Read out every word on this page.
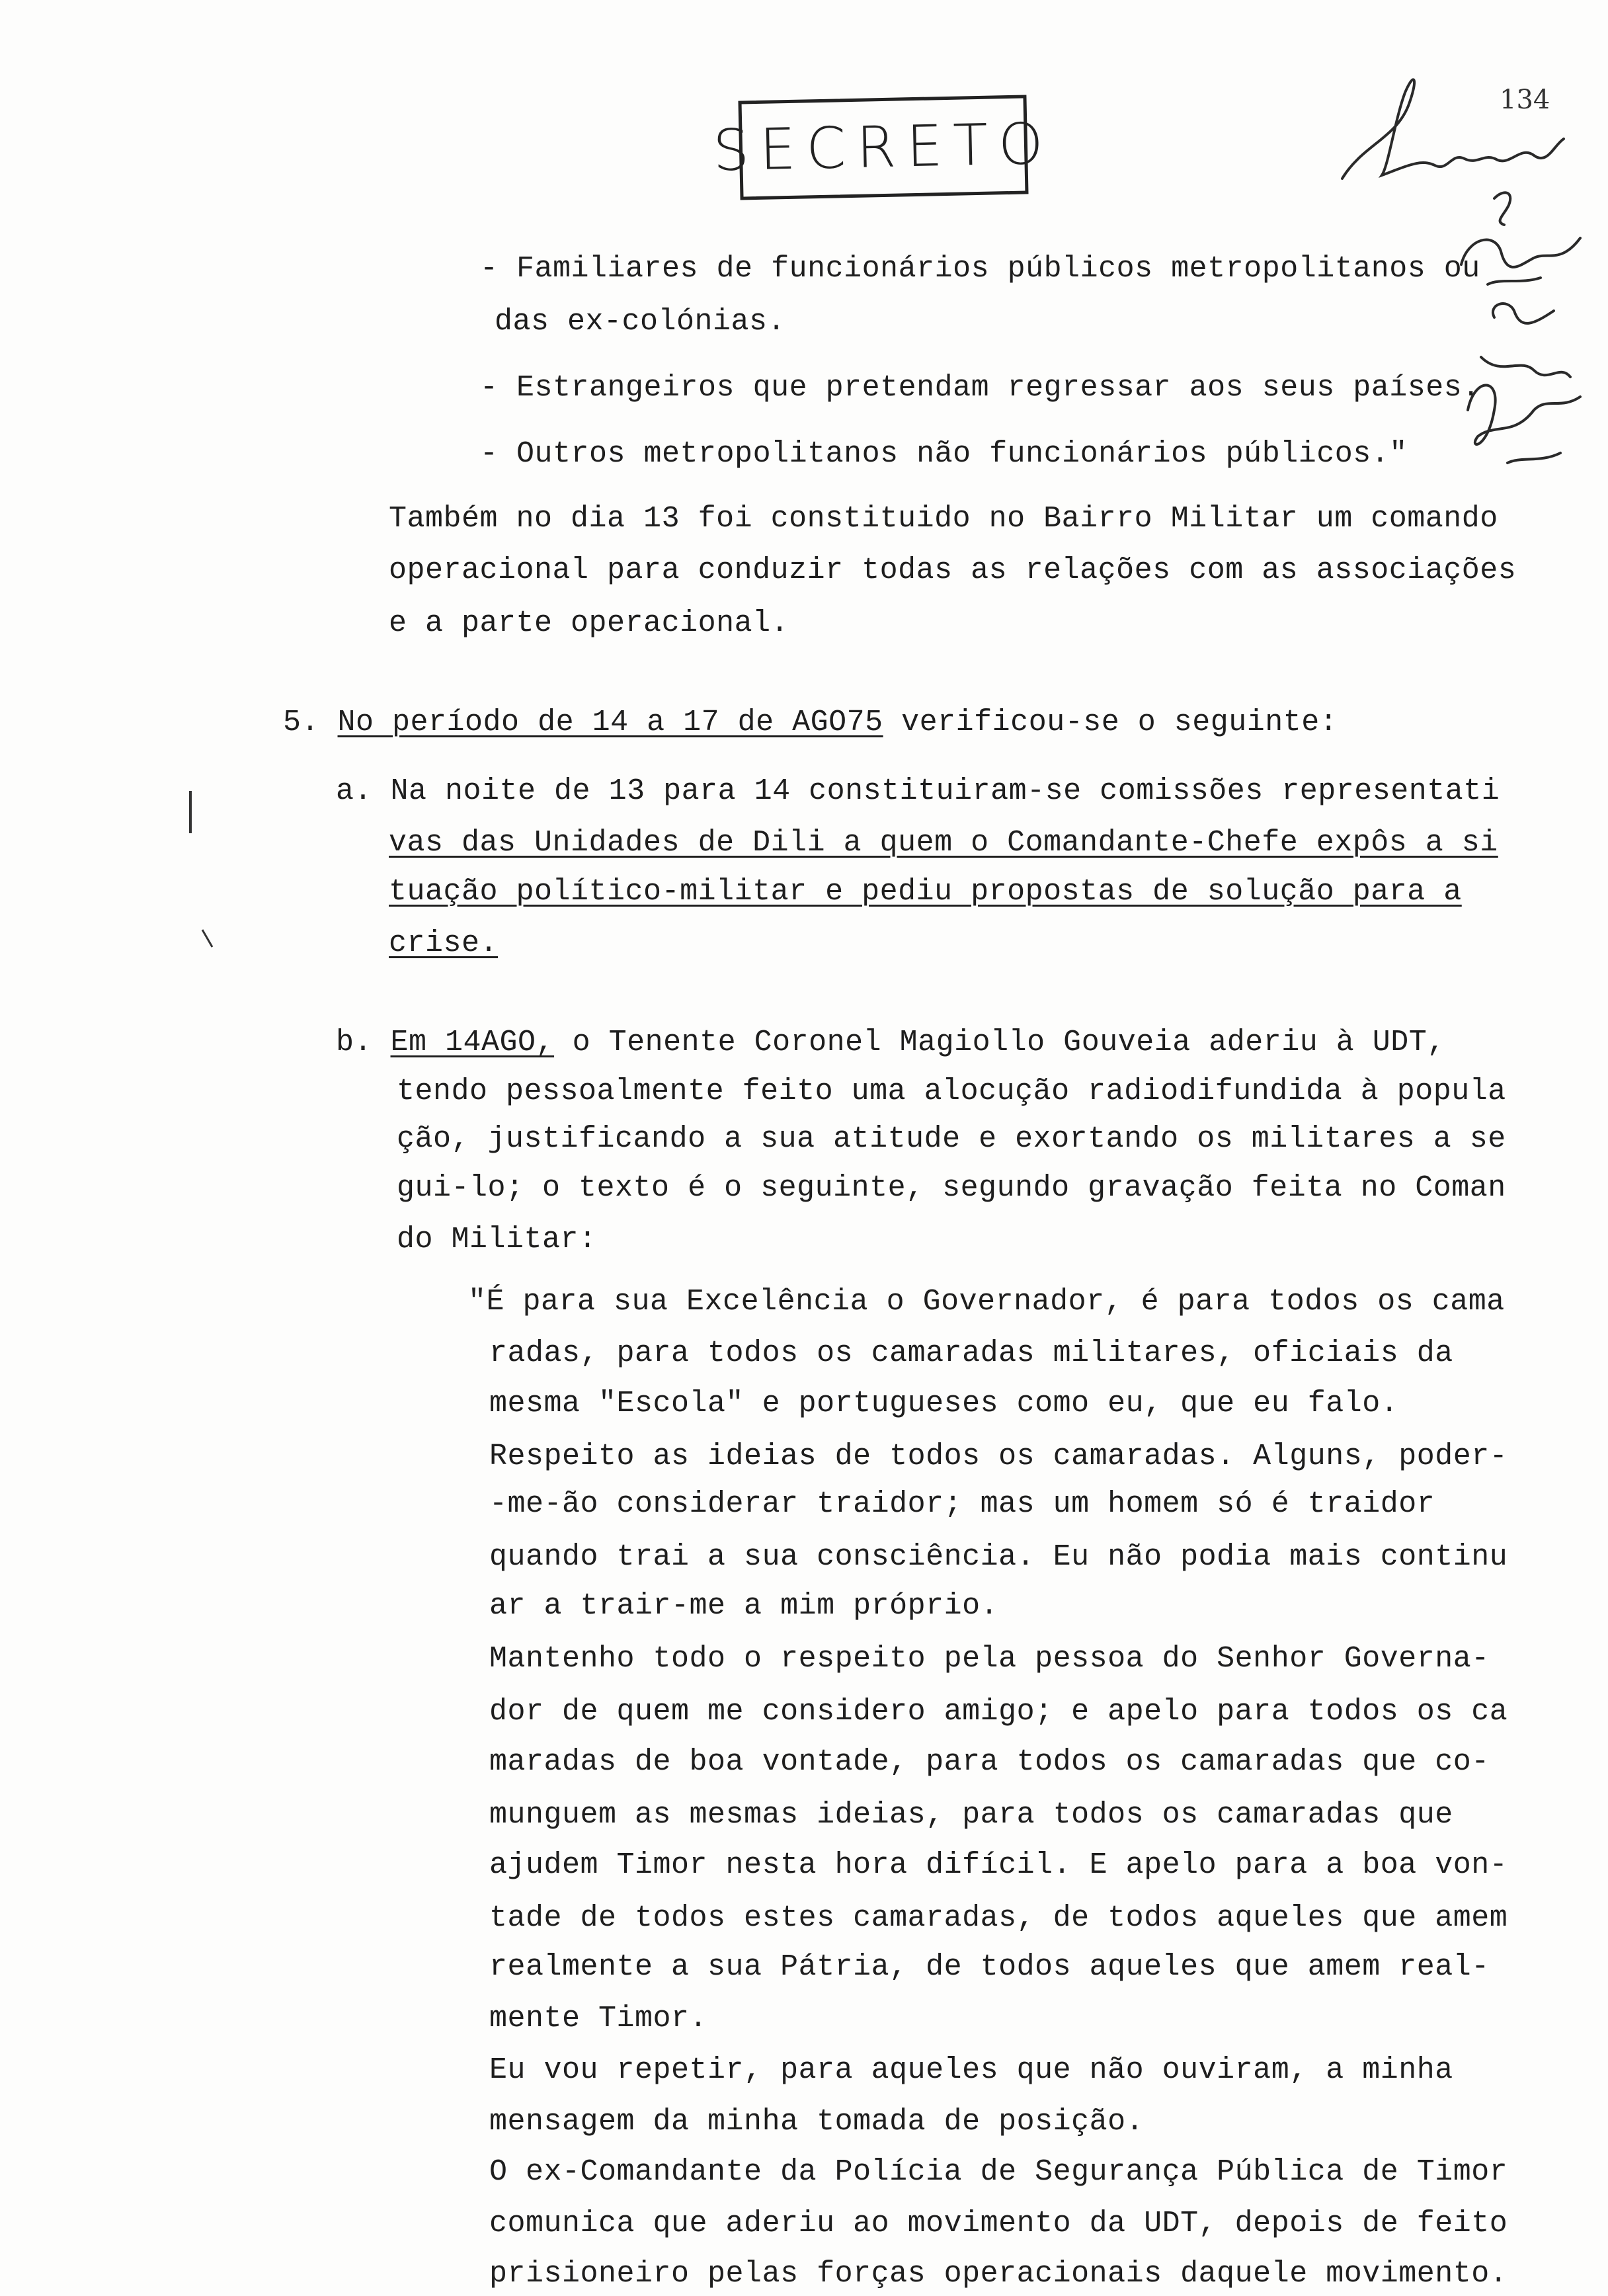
SECRETO
134
- Familiares de funcionários públicos metropolitanos ou
das ex-colónias.
- Estrangeiros que pretendam regressar aos seus países.
- Outros metropolitanos não funcionários públicos."
Também no dia 13 foi constituido no Bairro Militar um comando
operacional para conduzir todas as relações com as associações
e a parte operacional.
5. No período de 14 a 17 de AGO75 verificou-se o seguinte:
a. Na noite de 13 para 14 constituiram-se comissões representati
vas das Unidades de Dili a quem o Comandante-Chefe expôs a si
tuação político-militar e pediu propostas de solução para a
crise.
b. Em 14AGO, o Tenente Coronel Magiollo Gouveia aderiu à UDT,
tendo pessoalmente feito uma alocução radiodifundida à popula
ção, justificando a sua atitude e exortando os militares a se
gui-lo; o texto é o seguinte, segundo gravação feita no Coman
do Militar:
"É para sua Excelência o Governador, é para todos os cama
radas, para todos os camaradas militares, oficiais da
mesma "Escola" e portugueses como eu, que eu falo.
Respeito as ideias de todos os camaradas. Alguns, poder-
-me-ão considerar traidor; mas um homem só é traidor
quando trai a sua consciência. Eu não podia mais continu
ar a trair-me a mim próprio.
Mantenho todo o respeito pela pessoa do Senhor Governa-
dor de quem me considero amigo; e apelo para todos os ca
maradas de boa vontade, para todos os camaradas que co-
munguem as mesmas ideias, para todos os camaradas que
ajudem Timor nesta hora difícil. E apelo para a boa von-
tade de todos estes camaradas, de todos aqueles que amem
realmente a sua Pátria, de todos aqueles que amem real-
mente Timor.
Eu vou repetir, para aqueles que não ouviram, a minha
mensagem da minha tomada de posição.
O ex-Comandante da Polícia de Segurança Pública de Timor
comunica que aderiu ao movimento da UDT, depois de feito
prisioneiro pelas forças operacionais daquele movimento.
